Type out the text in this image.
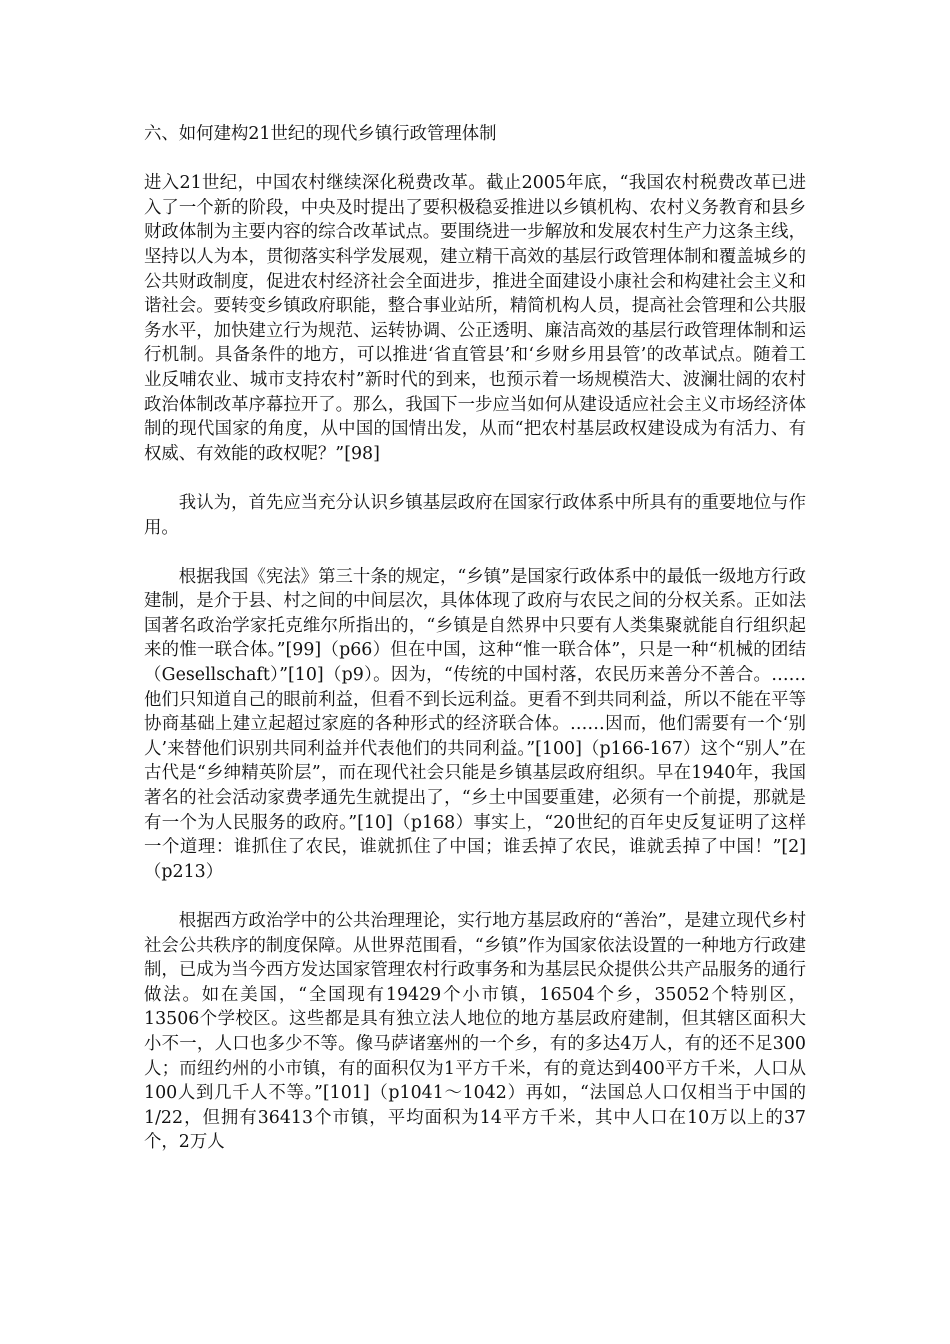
六、如何建构21世纪的现代乡镇行政管理体制

进入21世纪，中国农村继续深化税费改革。截止2005年底，“我国农村税费改革已进入了一个新的阶段，中央及时提出了要积极稳妥推进以乡镇机构、农村义务教育和县乡财政体制为主要内容的综合改革试点。要围绕进一步解放和发展农村生产力这条主线，坚持以人为本，贯彻落实科学发展观，建立精干高效的基层行政管理体制和覆盖城乡的公共财政制度，促进农村经济社会全面进步，推进全面建设小康社会和构建社会主义和谐社会。要转变乡镇政府职能，整合事业站所，精简机构人员，提高社会管理和公共服务水平，加快建立行为规范、运转协调、公正透明、廉洁高效的基层行政管理体制和运行机制。具备条件的地方，可以推进‘省直管县’和‘乡财乡用县管’的改革试点。随着工业反哺农业、城市支持农村”新时代的到来，也预示着一场规模浩大、波澜壮阔的农村政治体制改革序幕拉开了。那么，我国下一步应当如何从建设适应社会主义市场经济体制的现代国家的角度，从中国的国情出发，从而“把农村基层政权建设成为有活力、有权威、有效能的政权呢？”[98]

我认为，首先应当充分认识乡镇基层政府在国家行政体系中所具有的重要地位与作用。

根据我国《宪法》第三十条的规定，“乡镇”是国家行政体系中的最低一级地方行政建制，是介于县、村之间的中间层次，具体体现了政府与农民之间的分权关系。正如法国著名政治学家托克维尔所指出的，“乡镇是自然界中只要有人类集聚就能自行组织起来的惟一联合体。”[99]（p66）但在中国，这种“惟一联合体”，只是一种“机械的团结（Gesellschaft）”[10]（p9）。因为，“传统的中国村落，农民历来善分不善合。……他们只知道自己的眼前利益，但看不到长远利益。更看不到共同利益，所以不能在平等协商基础上建立起超过家庭的各种形式的经济联合体。……因而，他们需要有一个‘别人’来替他们识别共同利益并代表他们的共同利益。”[100]（p166-167）这个“别人”在古代是“乡绅精英阶层”，而在现代社会只能是乡镇基层政府组织。早在1940年，我国著名的社会活动家费孝通先生就提出了，“乡土中国要重建，必须有一个前提，那就是有一个为人民服务的政府。”[10]（p168）事实上，“20世纪的百年史反复证明了这样一个道理：谁抓住了农民，谁就抓住了中国；谁丢掉了农民，谁就丢掉了中国！”[2]（p213）

根据西方政治学中的公共治理理论，实行地方基层政府的“善治”，是建立现代乡村社会公共秩序的制度保障。从世界范围看，“乡镇”作为国家依法设置的一种地方行政建制，已成为当今西方发达国家管理农村行政事务和为基层民众提供公共产品服务的通行做法。如在美国，“全国现有19429个小市镇，16504个乡，35052个特别区，13506个学校区。这些都是具有独立法人地位的地方基层政府建制，但其辖区面积大小不一，人口也多少不等。像马萨诸塞州的一个乡，有的多达4万人，有的还不足300人；而纽约州的小市镇，有的面积仅为1平方千米，有的竟达到400平方千米，人口从100人到几千人不等。”[101]（p1041～1042）再如，“法国总人口仅相当于中国的1/22，但拥有36413个市镇，平均面积为14平方千米，其中人口在10万以上的37个，2万人
